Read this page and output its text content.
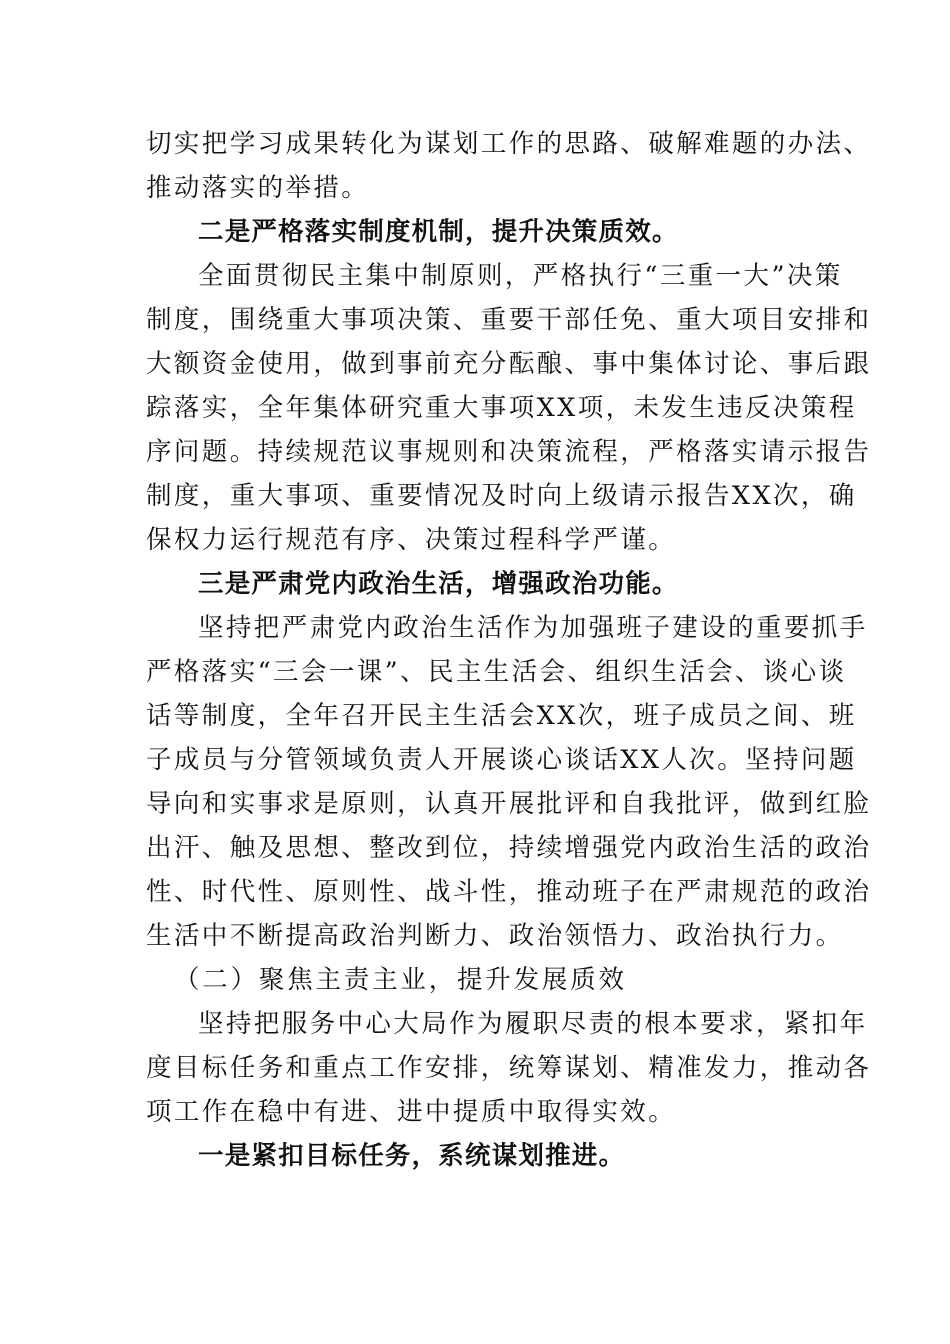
切实把学习成果转化为谋划工作的思路、破解难题的办法、
推动落实的举措。
二是严格落实制度机制，提升决策质效。
全面贯彻民主集中制原则，严格执行“三重一大”决策
制度，围绕重大事项决策、重要干部任免、重大项目安排和
大额资金使用，做到事前充分酝酿、事中集体讨论、事后跟
踪落实，全年集体研究重大事项XX项，未发生违反决策程
序问题。持续规范议事规则和决策流程，严格落实请示报告
制度，重大事项、重要情况及时向上级请示报告XX次，确
保权力运行规范有序、决策过程科学严谨。
三是严肃党内政治生活，增强政治功能。
坚持把严肃党内政治生活作为加强班子建设的重要抓手
严格落实“三会一课”、民主生活会、组织生活会、谈心谈
话等制度，全年召开民主生活会XX次，班子成员之间、班
子成员与分管领域负责人开展谈心谈话XX人次。坚持问题
导向和实事求是原则，认真开展批评和自我批评，做到红脸
出汗、触及思想、整改到位，持续增强党内政治生活的政治
性、时代性、原则性、战斗性，推动班子在严肃规范的政治
生活中不断提高政治判断力、政治领悟力、政治执行力。
（二）聚焦主责主业，提升发展质效
坚持把服务中心大局作为履职尽责的根本要求，紧扣年
度目标任务和重点工作安排，统筹谋划、精准发力，推动各
项工作在稳中有进、进中提质中取得实效。
一是紧扣目标任务，系统谋划推进。
